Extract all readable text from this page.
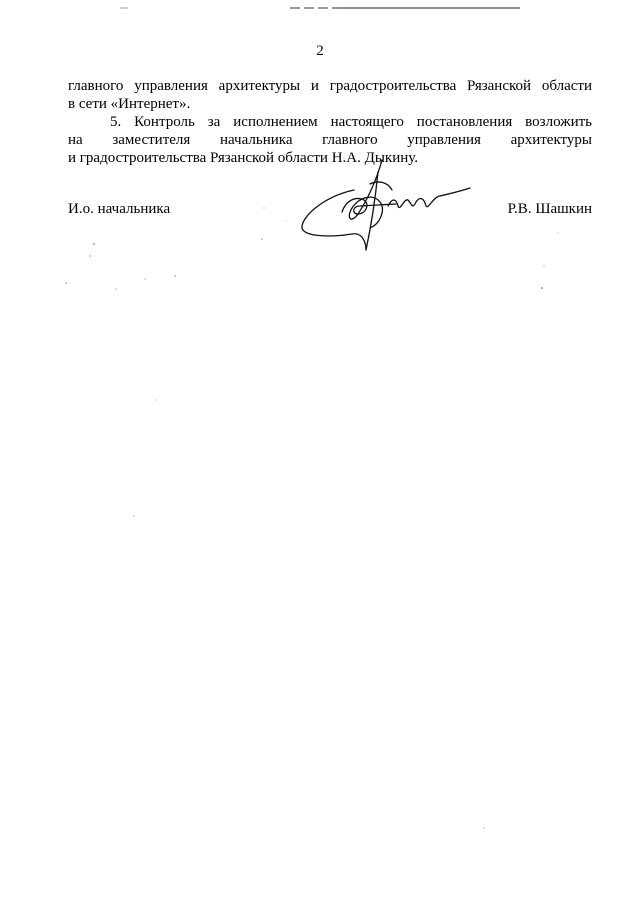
2
главного управления архитектуры и градостроительства Рязанской области
в сети «Интернет».
5. Контроль за исполнением настоящего постановления возложить
на заместителя начальника главного управления архитектуры
и градостроительства Рязанской области Н.А. Дыкину.
И.о. начальника	Р.В. Шашкин
